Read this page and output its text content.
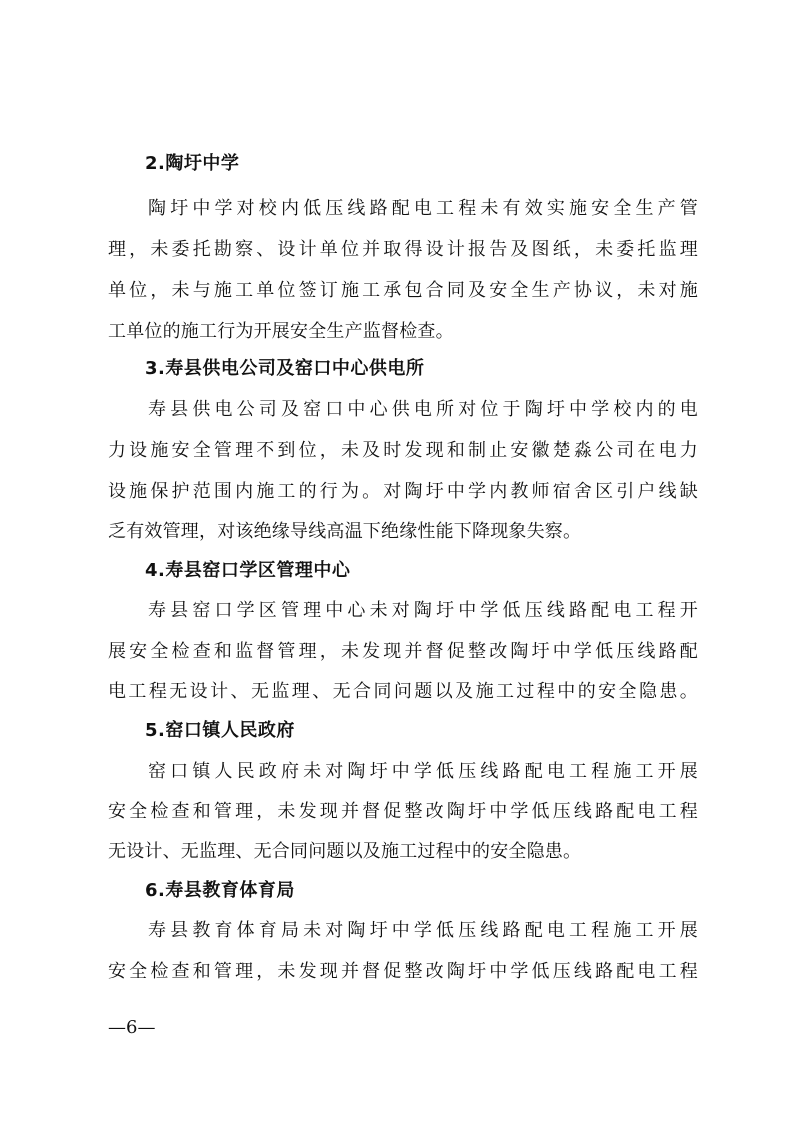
2.陶圩中学
陶圩中学对校内低压线路配电工程未有效实施安全生产管
理，未委托勘察、设计单位并取得设计报告及图纸，未委托监理
单位，未与施工单位签订施工承包合同及安全生产协议，未对施
工单位的施工行为开展安全生产监督检查。
3.寿县供电公司及窑口中心供电所
寿县供电公司及窑口中心供电所对位于陶圩中学校内的电
力设施安全管理不到位，未及时发现和制止安徽楚淼公司在电力
设施保护范围内施工的行为。对陶圩中学内教师宿舍区引户线缺
乏有效管理，对该绝缘导线高温下绝缘性能下降现象失察。
4.寿县窑口学区管理中心
寿县窑口学区管理中心未对陶圩中学低压线路配电工程开
展安全检查和监督管理，未发现并督促整改陶圩中学低压线路配
电工程无设计、无监理、无合同问题以及施工过程中的安全隐患。
5.窑口镇人民政府
窑口镇人民政府未对陶圩中学低压线路配电工程施工开展
安全检查和管理，未发现并督促整改陶圩中学低压线路配电工程
无设计、无监理、无合同问题以及施工过程中的安全隐患。
6.寿县教育体育局
寿县教育体育局未对陶圩中学低压线路配电工程施工开展
安全检查和管理，未发现并督促整改陶圩中学低压线路配电工程
—6—
